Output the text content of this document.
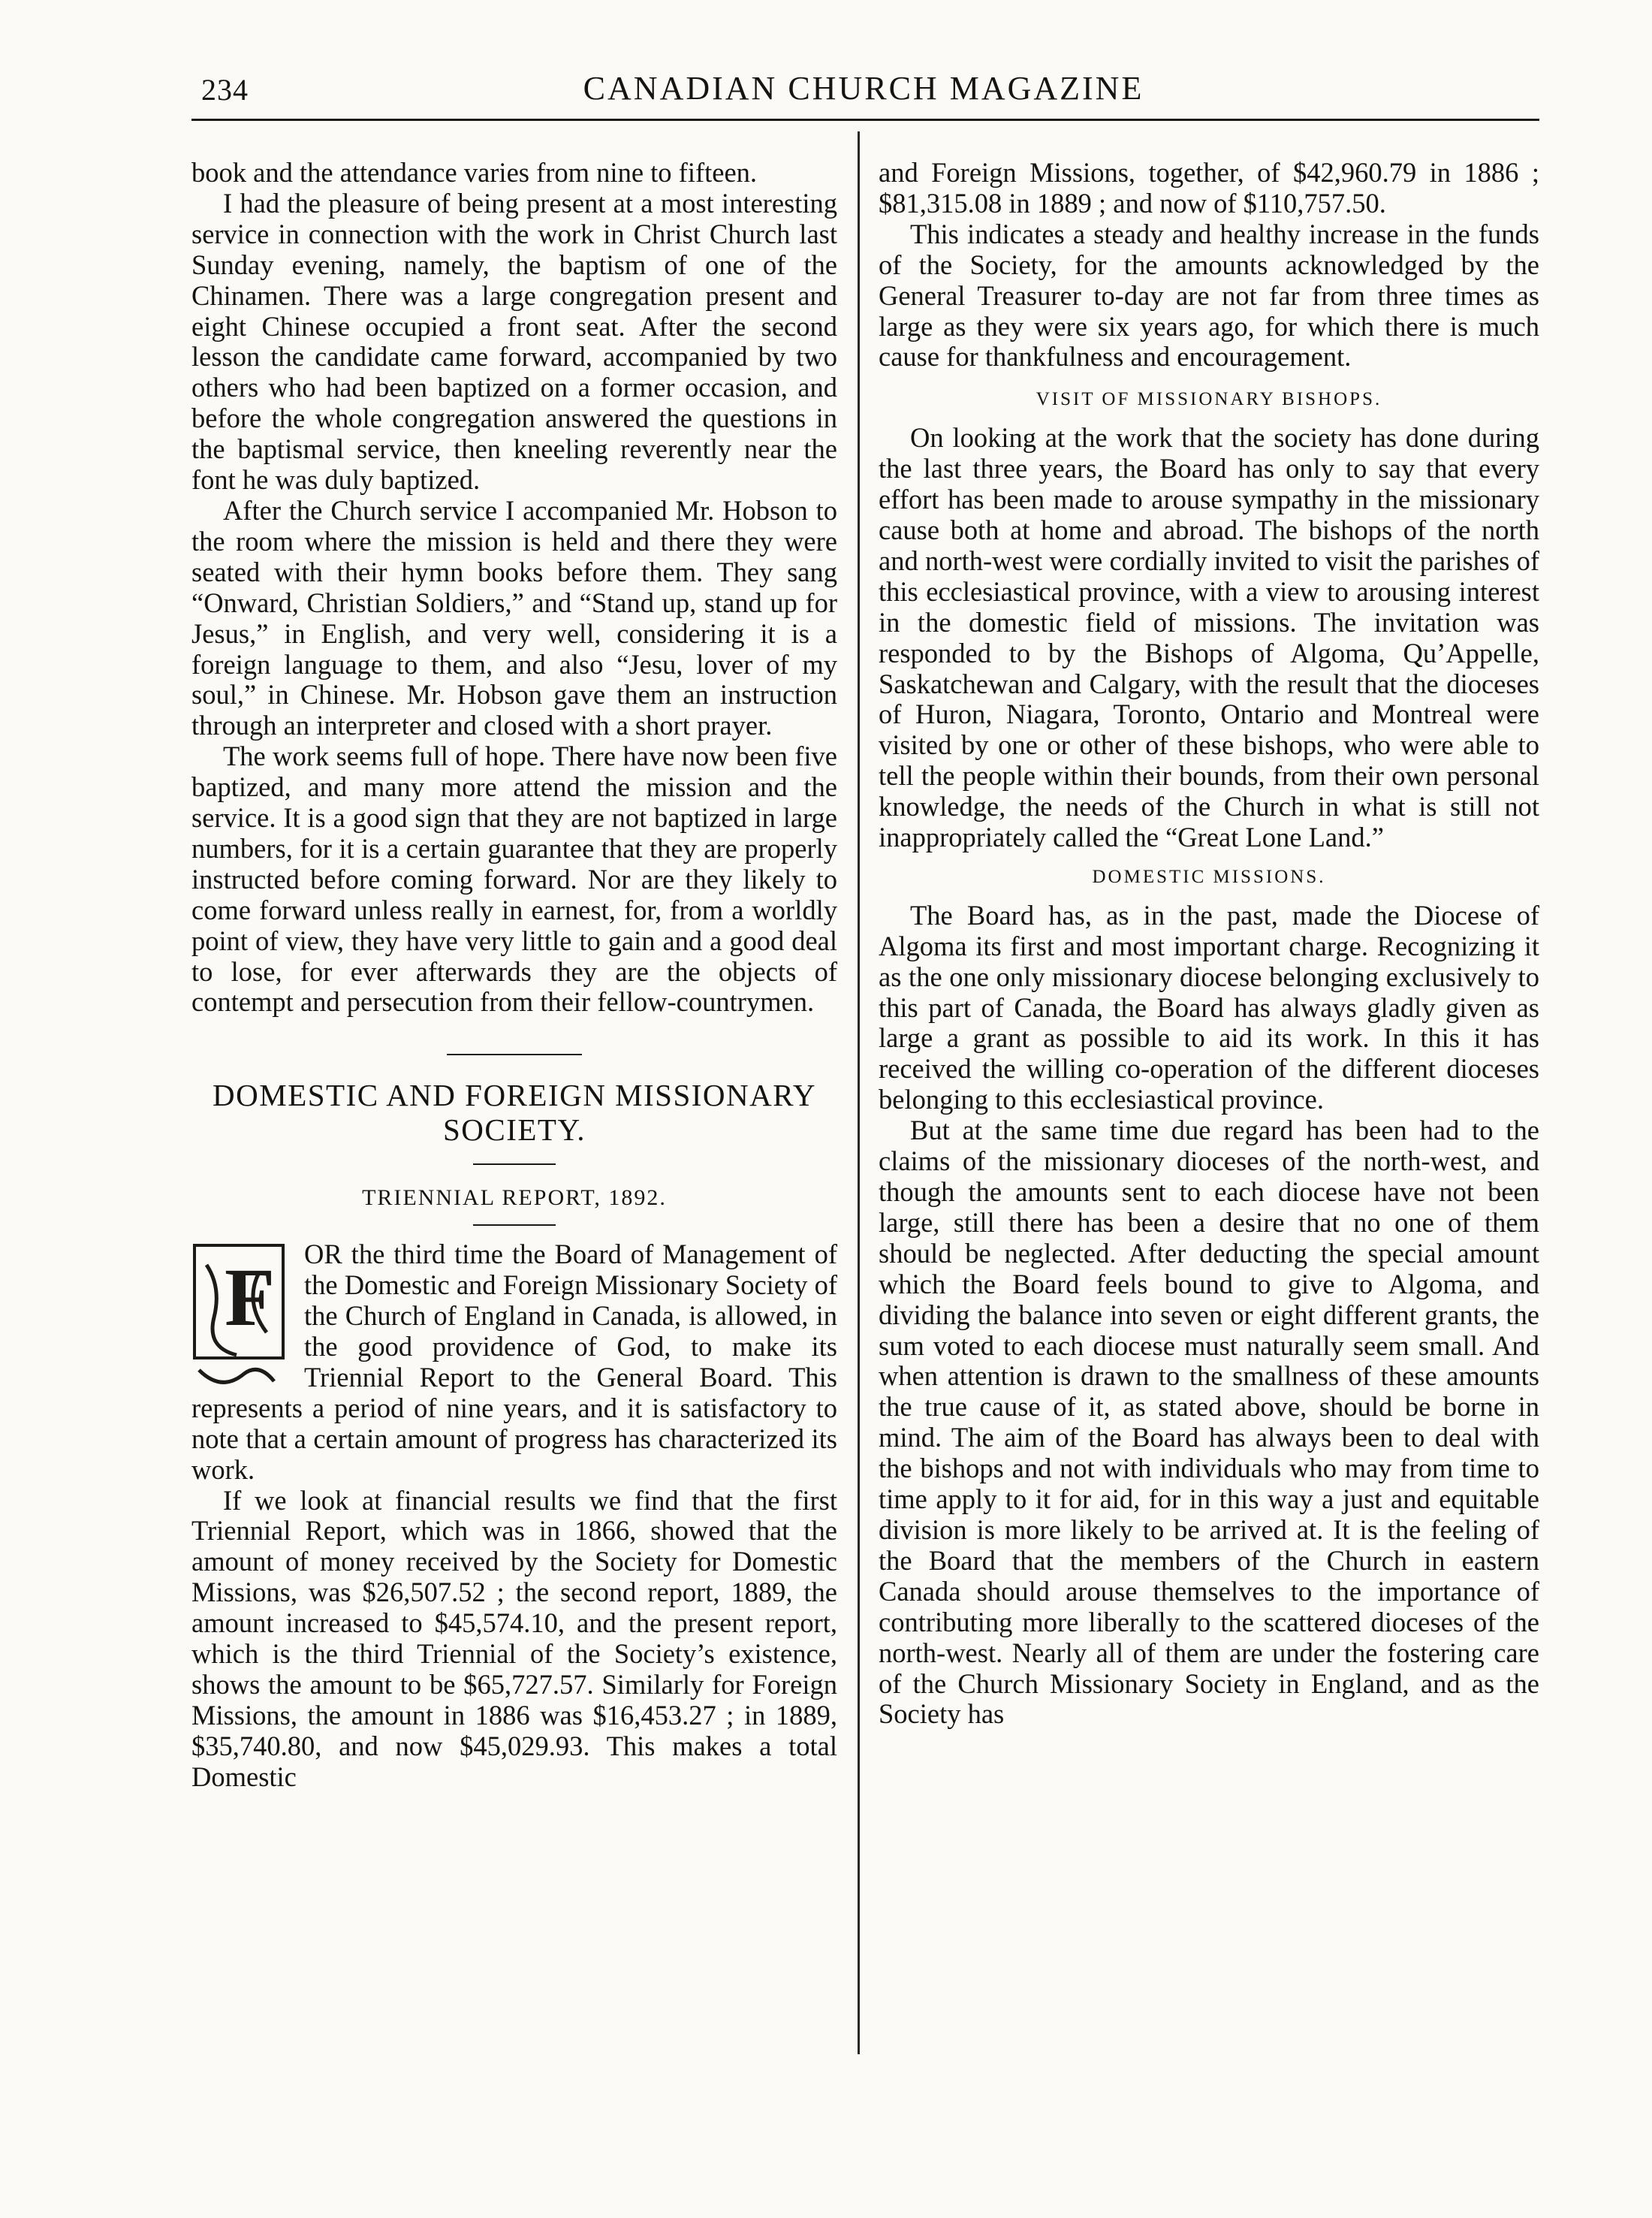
234	CANADIAN CHURCH MAGAZINE

book and the attendance varies from nine to fifteen.

I had the pleasure of being present at a most interesting service in connection with the work in Christ Church last Sunday evening, namely, the baptism of one of the Chinamen. There was a large congregation present and eight Chinese occupied a front seat. After the second lesson the candidate came forward, accompanied by two others who had been baptized on a former occasion, and before the whole congregation answered the questions in the baptismal service, then kneeling reverently near the font he was duly baptized.

After the Church service I accompanied Mr. Hobson to the room where the mission is held and there they were seated with their hymn books before them. They sang “Onward, Christian Soldiers,” and “Stand up, stand up for Jesus,” in English, and very well, considering it is a foreign language to them, and also “Jesu, lover of my soul,” in Chinese. Mr. Hobson gave them an instruction through an interpreter and closed with a short prayer.

The work seems full of hope. There have now been five baptized, and many more attend the mission and the service. It is a good sign that they are not baptized in large numbers, for it is a certain guarantee that they are properly instructed before coming forward. Nor are they likely to come forward unless really in earnest, for, from a worldly point of view, they have very little to gain and a good deal to lose, for ever afterwards they are the objects of contempt and persecution from their fellow-countrymen.

DOMESTIC AND FOREIGN MISSIONARY SOCIETY.

TRIENNIAL REPORT, 1892.

F OR the third time the Board of Management of the Domestic and Foreign Missionary Society of the Church of England in Canada, is allowed, in the good providence of God, to make its Triennial Report to the General Board. This represents a period of nine years, and it is satisfactory to note that a certain amount of progress has characterized its work.

If we look at financial results we find that the first Triennial Report, which was in 1866, showed that the amount of money received by the Society for Domestic Missions, was $26,507.52 ; the second report, 1889, the amount increased to $45,574.10, and the present report, which is the third Triennial of the Society’s existence, shows the amount to be $65,727.57. Similarly for Foreign Missions, the amount in 1886 was $16,453.27 ; in 1889, $35,740.80, and now $45,029.93. This makes a total Domestic

and Foreign Missions, together, of $42,960.79 in 1886 ; $81,315.08 in 1889 ; and now of $110,757.50.

This indicates a steady and healthy increase in the funds of the Society, for the amounts acknowledged by the General Treasurer to-day are not far from three times as large as they were six years ago, for which there is much cause for thankfulness and encouragement.

VISIT OF MISSIONARY BISHOPS.

On looking at the work that the society has done during the last three years, the Board has only to say that every effort has been made to arouse sympathy in the missionary cause both at home and abroad. The bishops of the north and north-west were cordially invited to visit the parishes of this ecclesiastical province, with a view to arousing interest in the domestic field of missions. The invitation was responded to by the Bishops of Algoma, Qu’Appelle, Saskatchewan and Calgary, with the result that the dioceses of Huron, Niagara, Toronto, Ontario and Montreal were visited by one or other of these bishops, who were able to tell the people within their bounds, from their own personal knowledge, the needs of the Church in what is still not inappropriately called the “Great Lone Land.”

DOMESTIC MISSIONS.

The Board has, as in the past, made the Diocese of Algoma its first and most important charge. Recognizing it as the one only missionary diocese belonging exclusively to this part of Canada, the Board has always gladly given as large a grant as possible to aid its work. In this it has received the willing co-operation of the different dioceses belonging to this ecclesiastical province.

But at the same time due regard has been had to the claims of the missionary dioceses of the north-west, and though the amounts sent to each diocese have not been large, still there has been a desire that no one of them should be neglected. After deducting the special amount which the Board feels bound to give to Algoma, and dividing the balance into seven or eight different grants, the sum voted to each diocese must naturally seem small. And when attention is drawn to the smallness of these amounts the true cause of it, as stated above, should be borne in mind. The aim of the Board has always been to deal with the bishops and not with individuals who may from time to time apply to it for aid, for in this way a just and equitable division is more likely to be arrived at. It is the feeling of the Board that the members of the Church in eastern Canada should arouse themselves to the importance of contributing more liberally to the scattered dioceses of the north-west. Nearly all of them are under the fostering care of the Church Missionary Society in England, and as the Society has
